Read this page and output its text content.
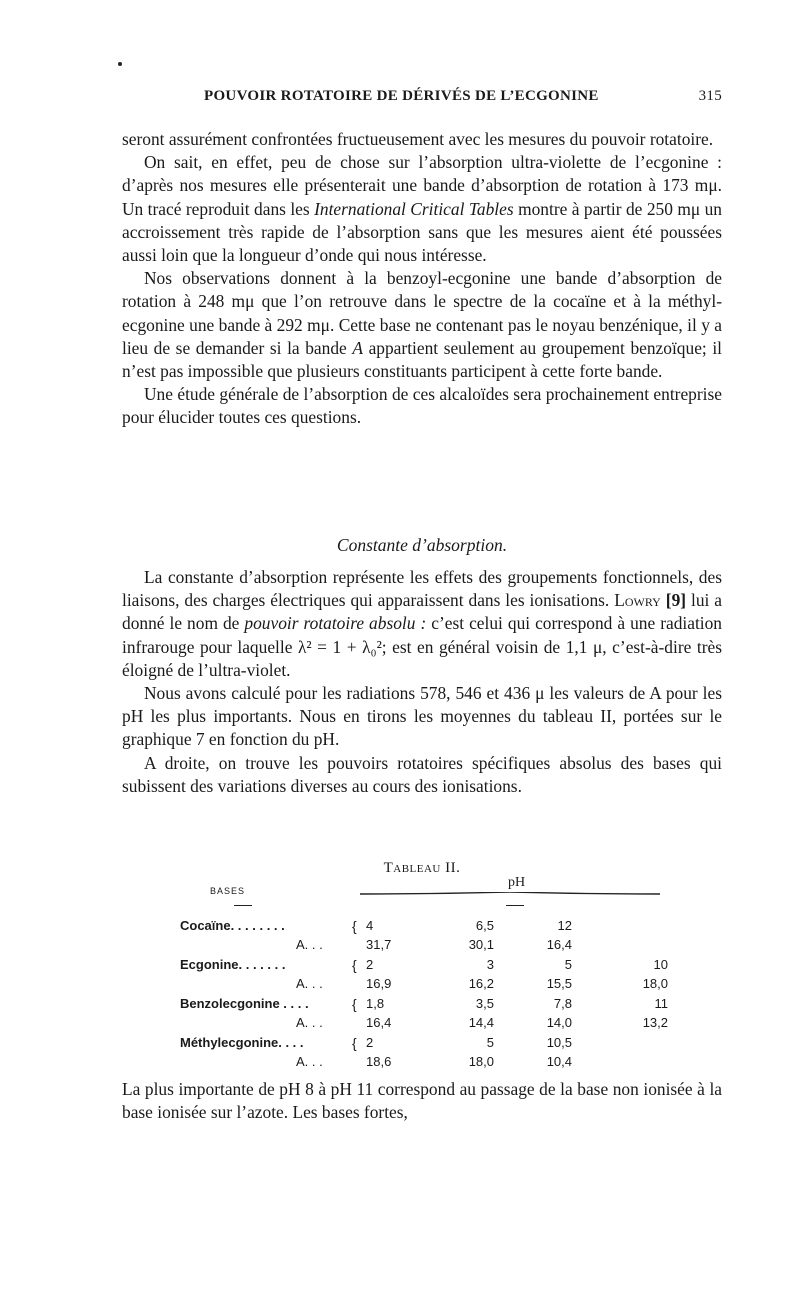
POUVOIR ROTATOIRE DE DÉRIVÉS DE L’ECGONINE	315

seront assurément confrontées fructueusement avec les mesures du pouvoir rotatoire.

On sait, en effet, peu de chose sur l’absorption ultra-violette de l’ecgonine : d’après nos mesures elle présenterait une bande d’absorption de rotation à 173 mμ. Un tracé reproduit dans les International Critical Tables montre à partir de 250 mμ un accroissement très rapide de l’absorption sans que les mesures aient été poussées aussi loin que la longueur d’onde qui nous intéresse.

Nos observations donnent à la benzoyl-ecgonine une bande d’absorption de rotation à 248 mμ que l’on retrouve dans le spectre de la cocaïne et à la méthyl-ecgonine une bande à 292 mμ. Cette base ne contenant pas le noyau benzénique, il y a lieu de se demander si la bande A appartient seulement au groupement benzoïque; il n’est pas impossible que plusieurs constituants participent à cette forte bande.

Une étude générale de l’absorption de ces alcaloïdes sera prochainement entreprise pour élucider toutes ces questions.

Constante d’absorption.

La constante d’absorption représente les effets des groupements fonctionnels, des liaisons, des charges électriques qui apparaissent dans les ionisations. Lowry [9] lui a donné le nom de pouvoir rotatoire absolu : c’est celui qui correspond à une radiation infrarouge pour laquelle λ² = 1 + λ₀²; est en général voisin de 1,1 μ, c’est-à-dire très éloigné de l’ultra-violet.

Nous avons calculé pour les radiations 578, 546 et 436 μ les valeurs de A pour les pH les plus importants. Nous en tirons les moyennes du tableau II, portées sur le graphique 7 en fonction du pH.

A droite, on trouve les pouvoirs rotatoires spécifiques absolus des bases qui subissent des variations diverses au cours des ionisations.

Tableau II.
BASES
pH
Cocaïne. . . . . . . .	{ 4	6,5	12
A. . .	31,7	30,1	16,4
Ecgonine. . . . . . .	{ 2	3	5	10
A. . .	16,9	16,2	15,5	18,0
Benzolecgonine . . . .	{ 1,8	3,5	7,8	11
A. . .	16,4	14,4	14,0	13,2
Méthylecgonine. . . .	{ 2	5	10,5
A. . .	18,6	18,0	10,4

La plus importante de pH 8 à pH 11 correspond au passage de la base non ionisée à la base ionisée sur l’azote. Les bases fortes,
